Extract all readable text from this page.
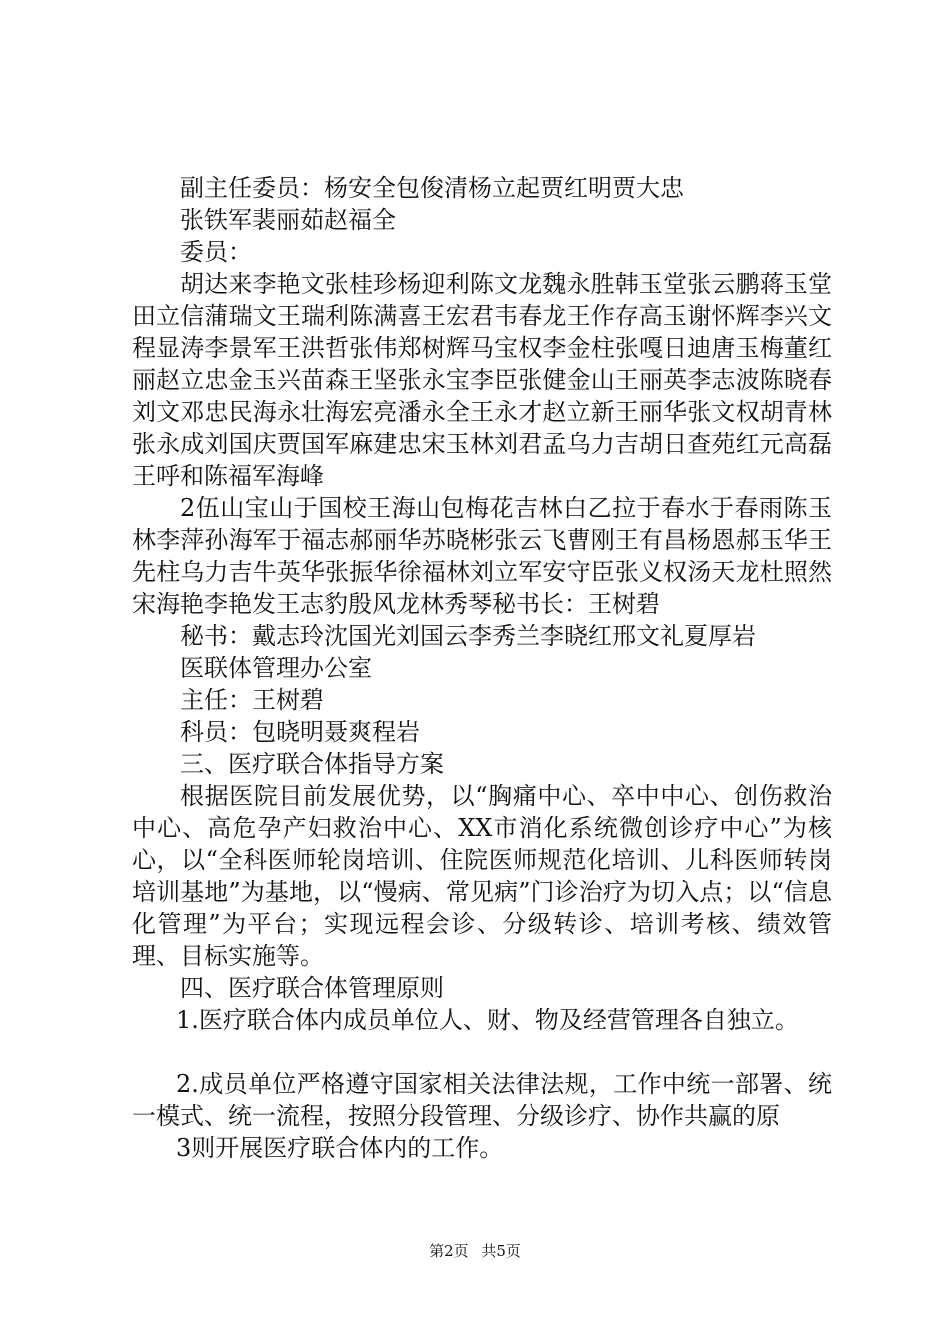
副主任委员：杨安全包俊清杨立起贾红明贾大忠

张铁军裴丽茹赵福全

委员：

胡达来李艳文张桂珍杨迎利陈文龙魏永胜韩玉堂张云鹏蒋玉堂田立信蒲瑞文王瑞利陈满喜王宏君韦春龙王作存高玉谢怀辉李兴文程显涛李景军王洪哲张伟郑树辉马宝权李金柱张嘎日迪唐玉梅董红丽赵立忠金玉兴苗森王坚张永宝李臣张健金山王丽英李志波陈晓春刘文邓忠民海永壮海宏亮潘永全王永才赵立新王丽华张文权胡青林张永成刘国庆贾国军麻建忠宋玉林刘君孟乌力吉胡日查苑红元高磊王呼和陈福军海峰

2伍山宝山于国校王海山包梅花吉林白乙拉于春水于春雨陈玉林李萍孙海军于福志郝丽华苏晓彬张云飞曹刚王有昌杨恩郝玉华王先柱乌力吉牛英华张振华徐福林刘立军安守臣张义权汤天龙杜照然宋海艳李艳发王志豹殷风龙林秀琴秘书长：王树碧

秘书：戴志玲沈国光刘国云李秀兰李晓红邢文礼夏厚岩

医联体管理办公室

主任：王树碧

科员：包晓明聂爽程岩

三、医疗联合体指导方案

根据医院目前发展优势，以“胸痛中心、卒中中心、创伤救治中心、高危孕产妇救治中心、XX市消化系统微创诊疗中心”为核心，以“全科医师轮岗培训、住院医师规范化培训、儿科医师转岗培训基地”为基地，以“慢病、常见病”门诊治疗为切入点；以“信息化管理”为平台；实现远程会诊、分级转诊、培训考核、绩效管理、目标实施等。

四、医疗联合体管理原则

1.医疗联合体内成员单位人、财、物及经营管理各自独立。

2.成员单位严格遵守国家相关法律法规，工作中统一部署、统一模式、统一流程，按照分段管理、分级诊疗、协作共赢的原

3则开展医疗联合体内的工作。

第2页 共5页
